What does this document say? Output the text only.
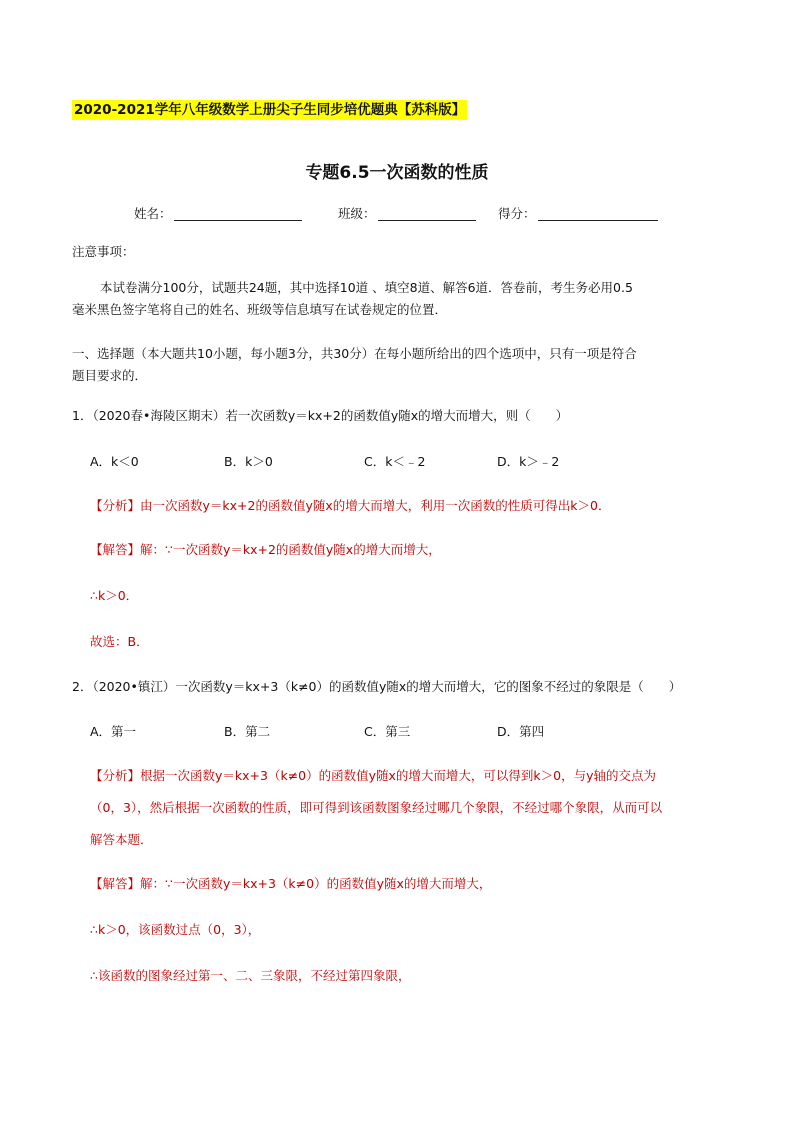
2020-2021学年八年级数学上册尖子生同步培优题典【苏科版】
专题6.5一次函数的性质
姓名：	班级：	得分：
注意事项：
本试卷满分100分，试题共24题，其中选择10道 、填空8道、解答6道．答卷前，考生务必用0.5
毫米黑色签字笔将自己的姓名、班级等信息填写在试卷规定的位置．
一、选择题（本大题共10小题，每小题3分，共30分）在每小题所给出的四个选项中，只有一项是符合
题目要求的．
1．（2020春•海陵区期末）若一次函数y＝kx+2的函数值y随x的增大而增大，则（　　）
A．k＜0	B．k＞0	C．k＜﹣2	D．k＞﹣2
【分析】由一次函数y＝kx+2的函数值y随x的增大而增大，利用一次函数的性质可得出k＞0．
【解答】解：∵一次函数y＝kx+2的函数值y随x的增大而增大，
∴k＞0．
故选：B．
2．（2020•镇江）一次函数y＝kx+3（k≠0）的函数值y随x的增大而增大，它的图象不经过的象限是（　　）
A．第一	B．第二	C．第三	D．第四
【分析】根据一次函数y＝kx+3（k≠0）的函数值y随x的增大而增大，可以得到k＞0，与y轴的交点为
（0，3），然后根据一次函数的性质，即可得到该函数图象经过哪几个象限，不经过哪个象限，从而可以
解答本题．
【解答】解：∵一次函数y＝kx+3（k≠0）的函数值y随x的增大而增大，
∴k＞0，该函数过点（0，3），
∴该函数的图象经过第一、二、三象限，不经过第四象限，
